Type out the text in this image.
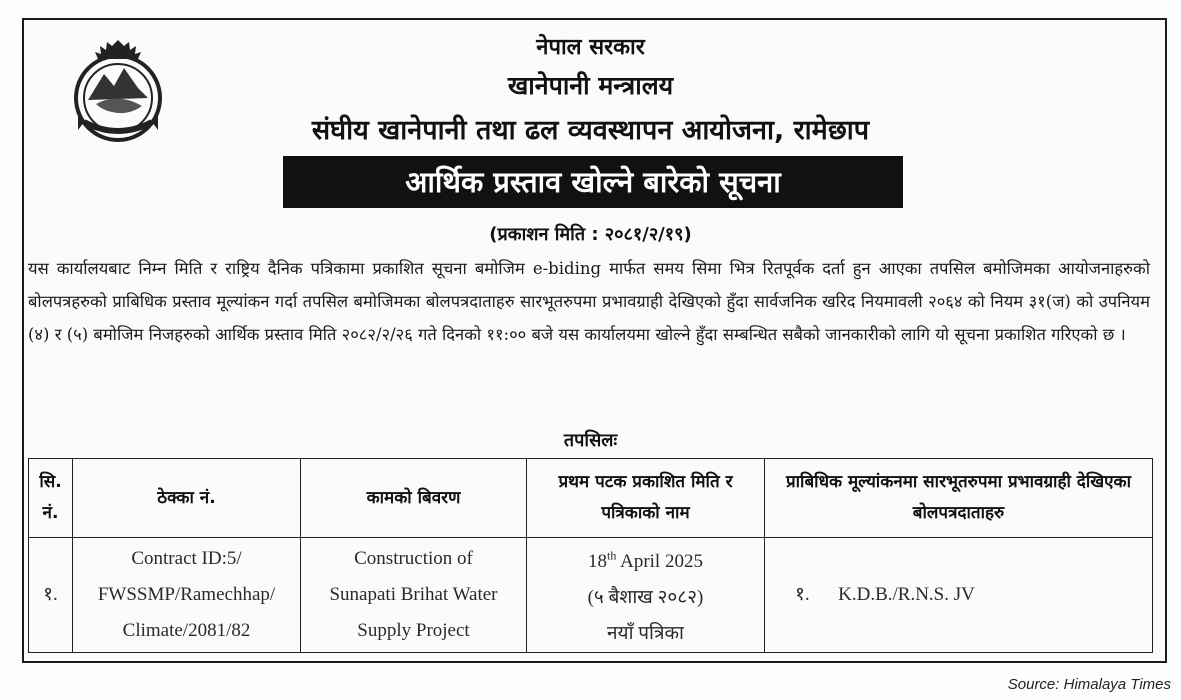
नेपाल सरकार
खानेपानी मन्त्रालय
संघीय खानेपानी तथा ढल व्यवस्थापन आयोजना, रामेछाप
आर्थिक प्रस्ताव खोल्ने बारेको सूचना
(प्रकाशन मिति : २०८१/२/१९)
यस कार्यालयबाट निम्न मिति र राष्ट्रिय दैनिक पत्रिकामा प्रकाशित सूचना बमोजिम e-biding मार्फत समय सिमा भित्र रितपूर्वक दर्ता हुन आएका तपसिल बमोजिमका आयोजनाहरुको बोलपत्रहरुको प्राबिधिक प्रस्ताव मूल्यांकन गर्दा तपसिल बमोजिमका बोलपत्रदाताहरु सारभूतरुपमा प्रभावग्राही देखिएको हुँदा सार्वजनिक खरिद नियमावली २०६४ को नियम ३१(ज) को उपनियम (४) र (५) बमोजिम निजहरुको आर्थिक प्रस्ताव मिति २०८२/२/२६ गते दिनको ११:०० बजे यस कार्यालयमा खोल्ने हुँदा सम्बन्धित सबैको जानकारीको लागि यो सूचना प्रकाशित गरिएको छ ।
तपसिलः
सि. नं.	ठेक्का नं.	कामको बिवरण	प्रथम पटक प्रकाशित मिति र पत्रिकाको नाम	प्राबिधिक मूल्यांकनमा सारभूतरुपमा प्रभावग्राही देखिएका बोलपत्रदाताहरु
१.	Contract ID:5/
FWSSMP/Ramechhap/
Climate/2081/82	Construction of
Sunapati Brihat Water
Supply Project	18th April 2025
(५ बैशाख २०८२)
नयाँ पत्रिका	१. K.D.B./R.N.S. JV
Source: Himalaya Times
